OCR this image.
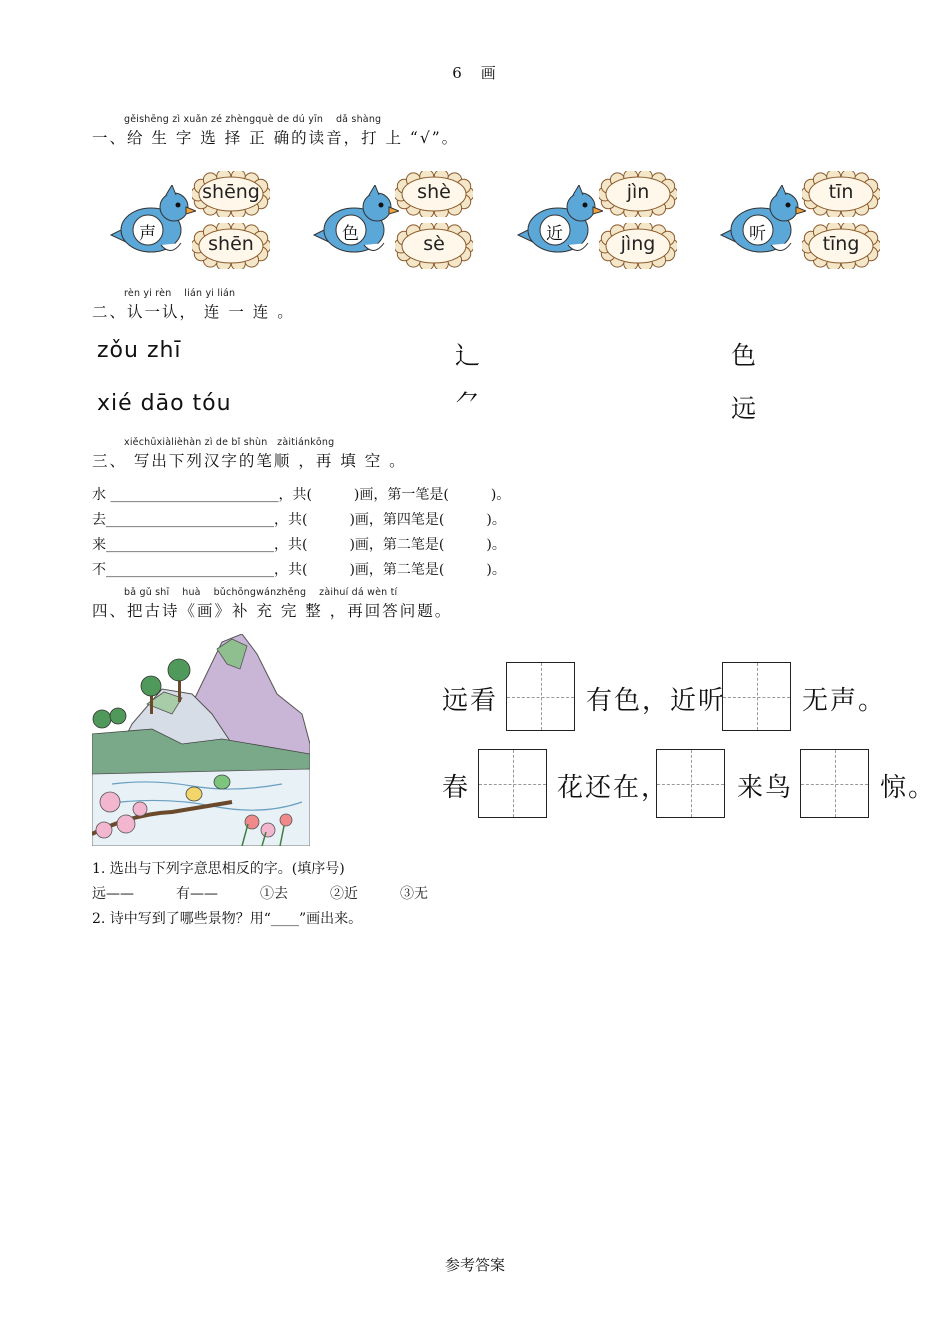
6　画
gěishēng zì xuǎn zé zhèngquè de dú yīn    dǎ shàng
一、给 生 字 选 择 正 确的读音，打 上 “√”。
声
shēng
shēn	色
shè
sè	近
jìn
jìng	听
tīn
tīng
rèn yi rèn    lián yi lián
二、认一认， 连 一 连 。
zǒu zhī
xié dāo tóu
辶
⺈
色
远
xiěchūxiàlièhàn zì de bǐ shùn   zàitiánkōng
三、 写出下列汉字的笔顺 ，再 填 空 。
水 ________________________，共(　　　)画，第一笔是(　　　)。
去________________________，共(　　　)画，第四笔是(　　　)。
来________________________，共(　　　)画，第二笔是(　　　)。
不________________________，共(　　　)画，第二笔是(　　　)。
bǎ gǔ shī    huà    bǔchōngwánzhěng    zàihuí dá wèn tí
四、把古诗《画》补 充 完 整 ，再回答问题。
远看	有色，近听	无声。
春	花还在，	来鸟	惊。
1. 选出与下列字意思相反的字。(填序号)
远——　　　有——　　　①去　　　②近　　　③无
2. 诗中写到了哪些景物？用“____”画出来。
参考答案
